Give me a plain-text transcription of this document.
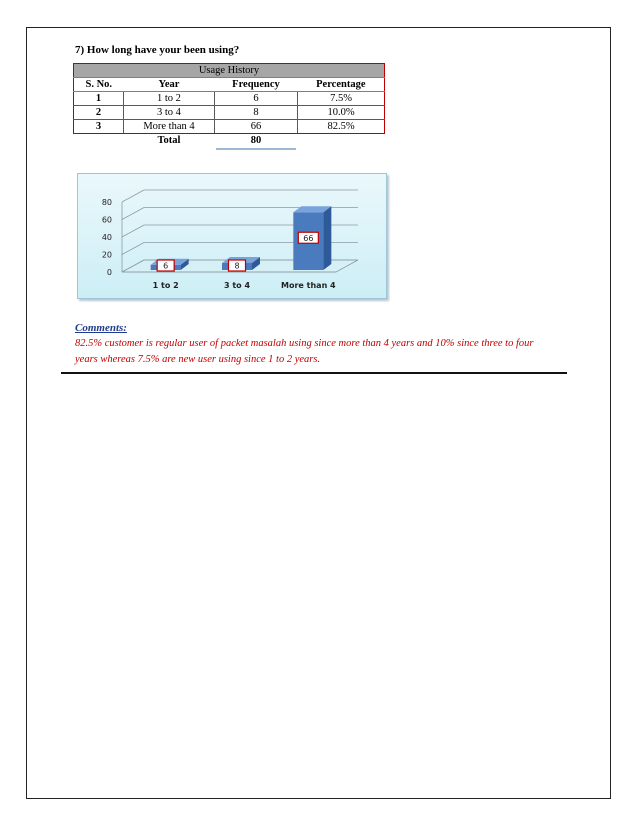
7) How long have your been using?
Usage History			
S. No.	Year	Frequency	Percentage
1	1 to 2	6	7.5%
2	3 to 4	8	10.0%
3	More than 4	66	82.5%
	Total	80	
0
20
40
60
80
6
1 to 2
8
3 to 4
66
More than 4
Comments:
82.5% customer is regular user of packet masalah using since more than 4 years and 10% since three to four years whereas 7.5% are new user using since 1 to 2 years.
